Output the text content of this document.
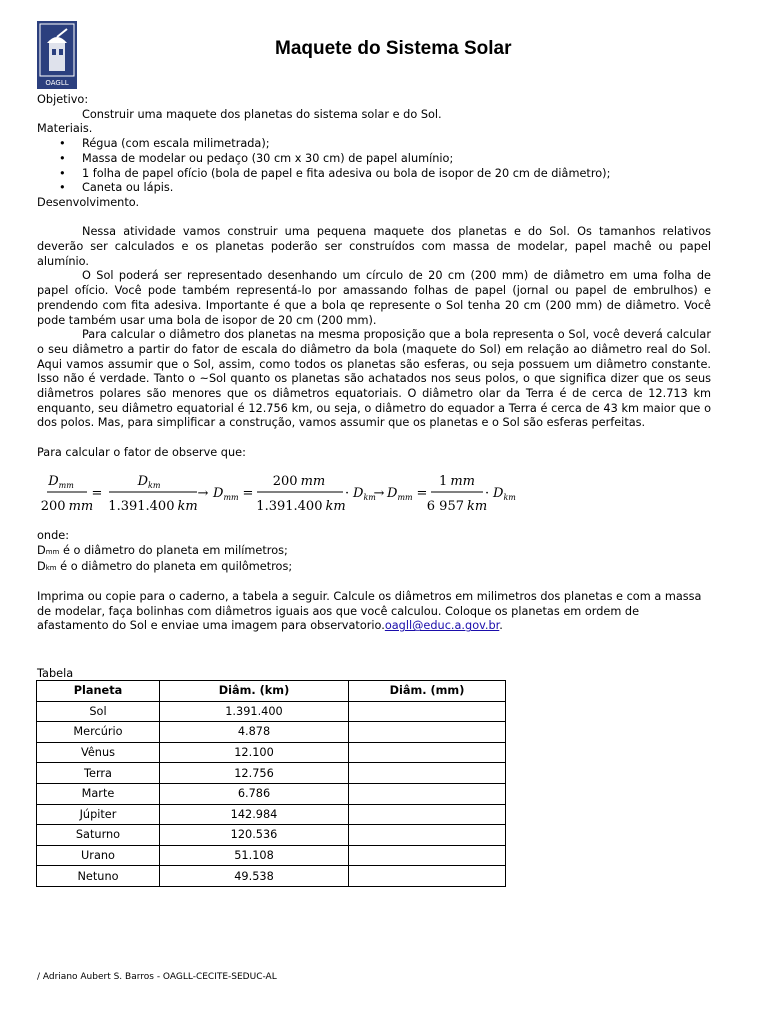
OAGLL
Maquete do Sistema Solar

Objetivo:

Construir uma maquete dos planetas do sistema solar e do Sol.

Materiais.

• Régua (com escala milimetrada);
• Massa de modelar ou pedaço (30 cm x 30 cm) de papel alumínio;
• 1 folha de papel ofício (bola de papel e fita adesiva ou bola de isopor de 20 cm de diâmetro);
• Caneta ou lápis.

Desenvolvimento.

Nessa atividade vamos construir uma pequena maquete dos planetas e do Sol. Os tamanhos relativos deverão ser calculados e os planetas poderão ser construídos com massa de modelar, papel machê ou papel alumínio.

O Sol poderá ser representado desenhando um círculo de 20 cm (200 mm) de diâmetro em uma folha de papel ofício. Você pode também representá-lo por amassando folhas de papel (jornal ou papel de embrulhos) e prendendo com fita adesiva. Importante é que a bola qe represente o Sol tenha 20 cm (200 mm) de diâmetro. Você pode também usar uma bola de isopor de 20 cm (200 mm).

Para calcular o diâmetro dos planetas na mesma proposição que a bola representa o Sol, você deverá calcular o seu diâmetro a partir do fator de escala do diâmetro da bola (maquete do Sol) em relação ao diâmetro real do Sol. Aqui vamos assumir que o Sol, assim, como todos os planetas são esferas, ou seja possuem um diâmetro constante. Isso não é verdade. Tanto o ~Sol quanto os planetas são achatados nos seus polos, o que significa dizer que os seus diâmetros polares são menores que os diâmetros equatoriais. O diâmetro olar da Terra é de cerca de 12.713 km enquanto, seu diâmetro equatorial é 12.756 km, ou seja, o diâmetro do equador a Terra é cerca de 43 km maior que o dos polos. Mas, para simplificar a construção, vamos assumir que os planetas e o Sol são esferas perfeitas.

Para calcular o fator de observe que:

$D_{mm}$
200 mm
=
$D_{km}$
1.391.400 km
→ $D_{mm}$ =
200 mm
1.391.400 km
· $D_{km}$
→ $D_{mm}$ =
1 mm
6 957 km
· $D_{km}$

onde:

Dmm é o diâmetro do planeta em milímetros;

Dkm é o diâmetro do planeta em quilômetros;

Imprima ou copie para o caderno, a tabela a seguir. Calcule os diâmetros em milimetros dos planetas e com a massa de modelar, faça bolinhas com diâmetros iguais aos que você calculou. Coloque os planetas em ordem de afastamento do Sol e enviae uma imagem para observatorio.oagll@educ.a.gov.br.

Tabela
Planeta	Diâm. (km)	Diâm. (mm)
Sol	1.391.400	
Mercúrio	4.878	
Vênus	12.100	
Terra	12.756	
Marte	6.786	
Júpiter	142.984	
Saturno	120.536	
Urano	51.108	
Netuno	49.538	
/ Adriano Aubert S. Barros - OAGLL-CECITE-SEDUC-AL
